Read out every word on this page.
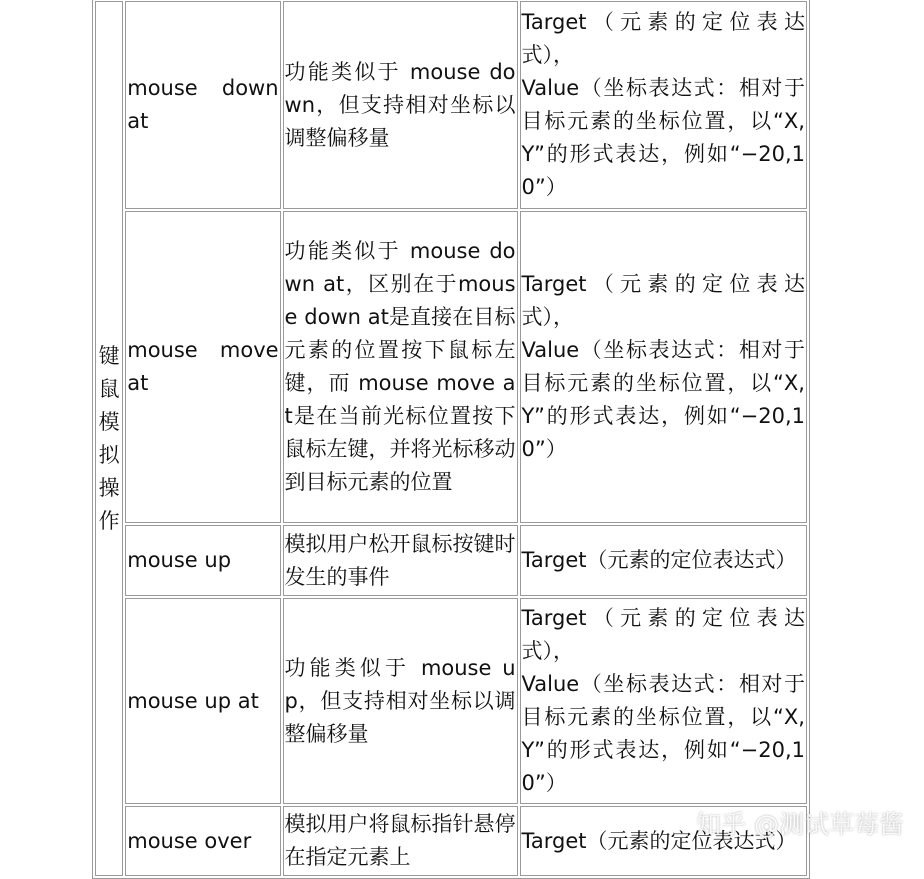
键鼠模拟操作	mouse down at	功能类似于 mouse down，但支持相对坐标以调整偏移量	Target（元素的定位表达式），
Value（坐标表达式：相对于目标元素的坐标位置，以“X,Y”的形式表达，例如“−20,10”）
	mouse move at	功能类似于 mouse down at，区别在于mouse down at是直接在目标元素的位置按下鼠标左键，而 mouse move at是在当前光标位置按下鼠标左键，并将光标移动到目标元素的位置	Target（元素的定位表达式），
Value（坐标表达式：相对于目标元素的坐标位置，以“X,Y”的形式表达，例如“−20,10”）
	mouse up	模拟用户松开鼠标按键时发生的事件	Target（元素的定位表达式）
	mouse up at	功能类似于 mouse up，但支持相对坐标以调整偏移量	Target（元素的定位表达式），
Value（坐标表达式：相对于目标元素的坐标位置，以“X,Y”的形式表达，例如“−20,10”）
	mouse over	模拟用户将鼠标指针悬停在指定元素上	Target（元素的定位表达式）
知乎 @测试草莓酱
